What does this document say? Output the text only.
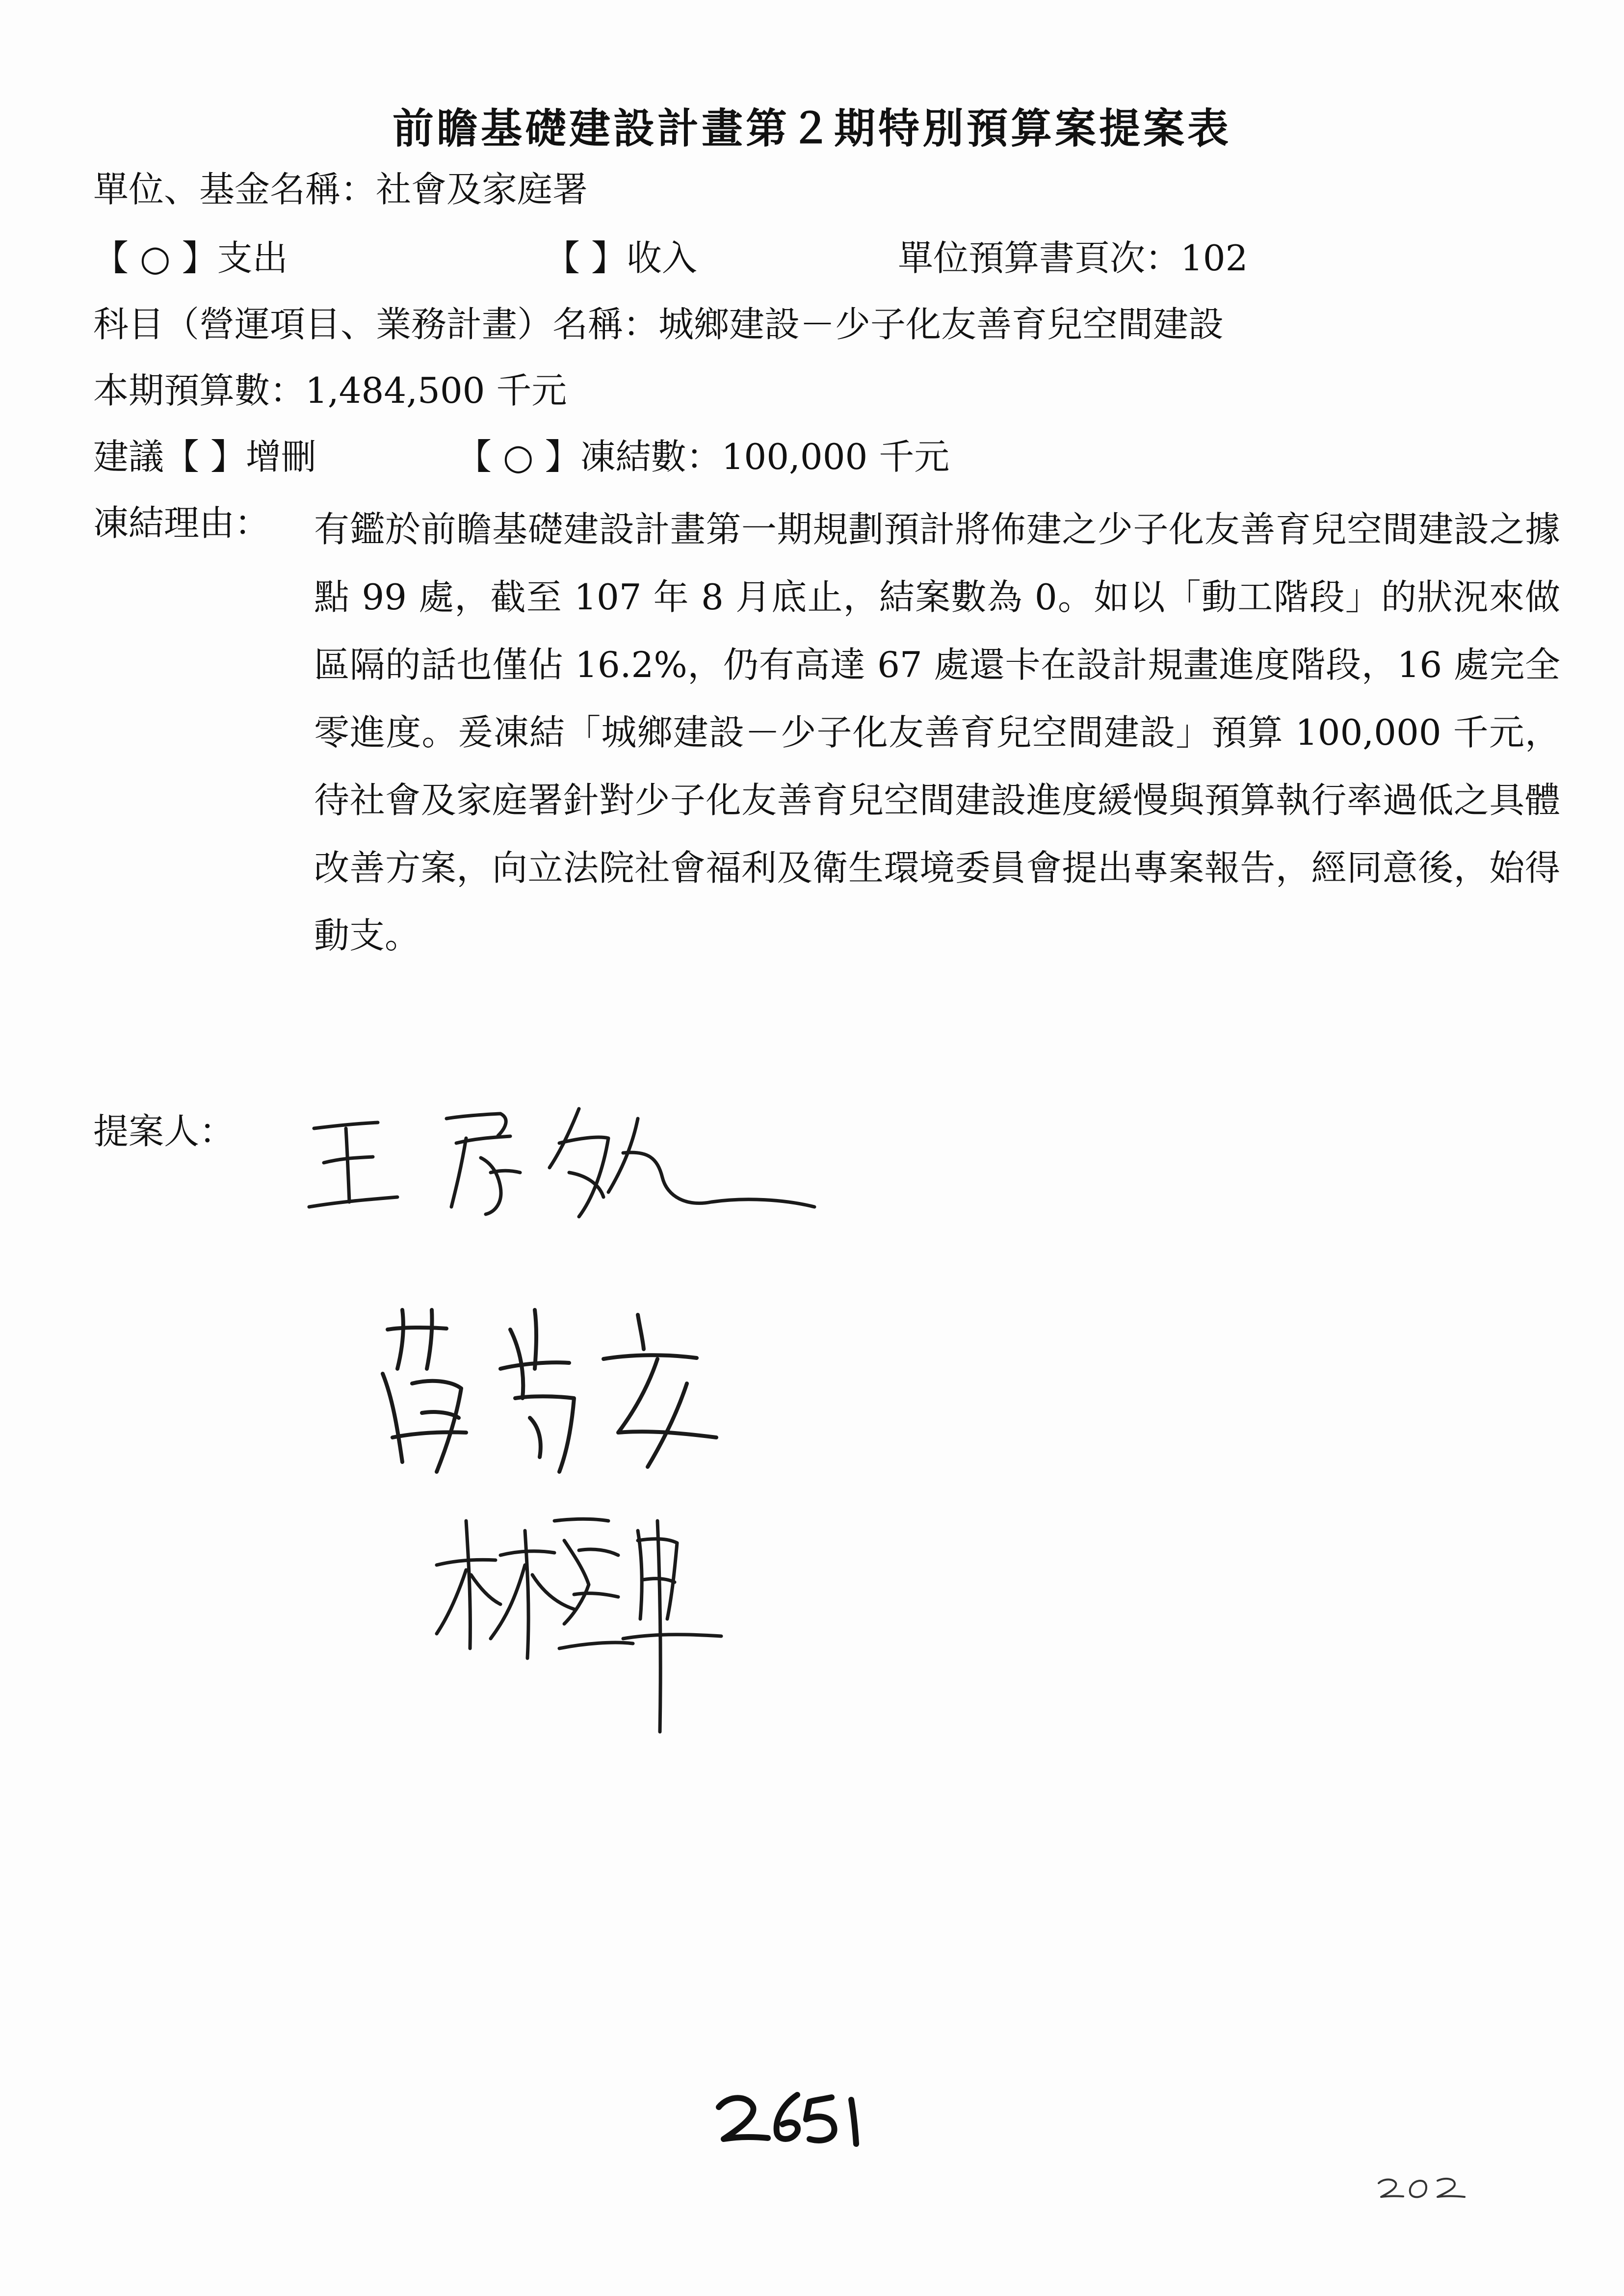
前瞻基礎建設計畫第２期特別預算案提案表
單位、基金名稱：社會及家庭署
【 ○ 】支出	【 】收入	單位預算書頁次：102
科目（營運項目、業務計畫）名稱：城鄉建設－少子化友善育兒空間建設
本期預算數：1,484,500 千元
建議【 】增刪	【 ○ 】凍結數：100,000 千元
凍結理由： 有鑑於前瞻基礎建設計畫第一期規劃預計將佈建之少子化友善育兒空間建設之據點 99 處，截至 107 年 8 月底止，結案數為 0。如以「動工階段」的狀況來做區隔的話也僅佔 16.2%，仍有高達 67 處還卡在設計規畫進度階段，16 處完全零進度。爰凍結「城鄉建設－少子化友善育兒空間建設」預算 100,000 千元，待社會及家庭署針對少子化友善育兒空間建設進度緩慢與預算執行率過低之具體改善方案，向立法院社會福利及衛生環境委員會提出專案報告，經同意後，始得動支。
提案人：
